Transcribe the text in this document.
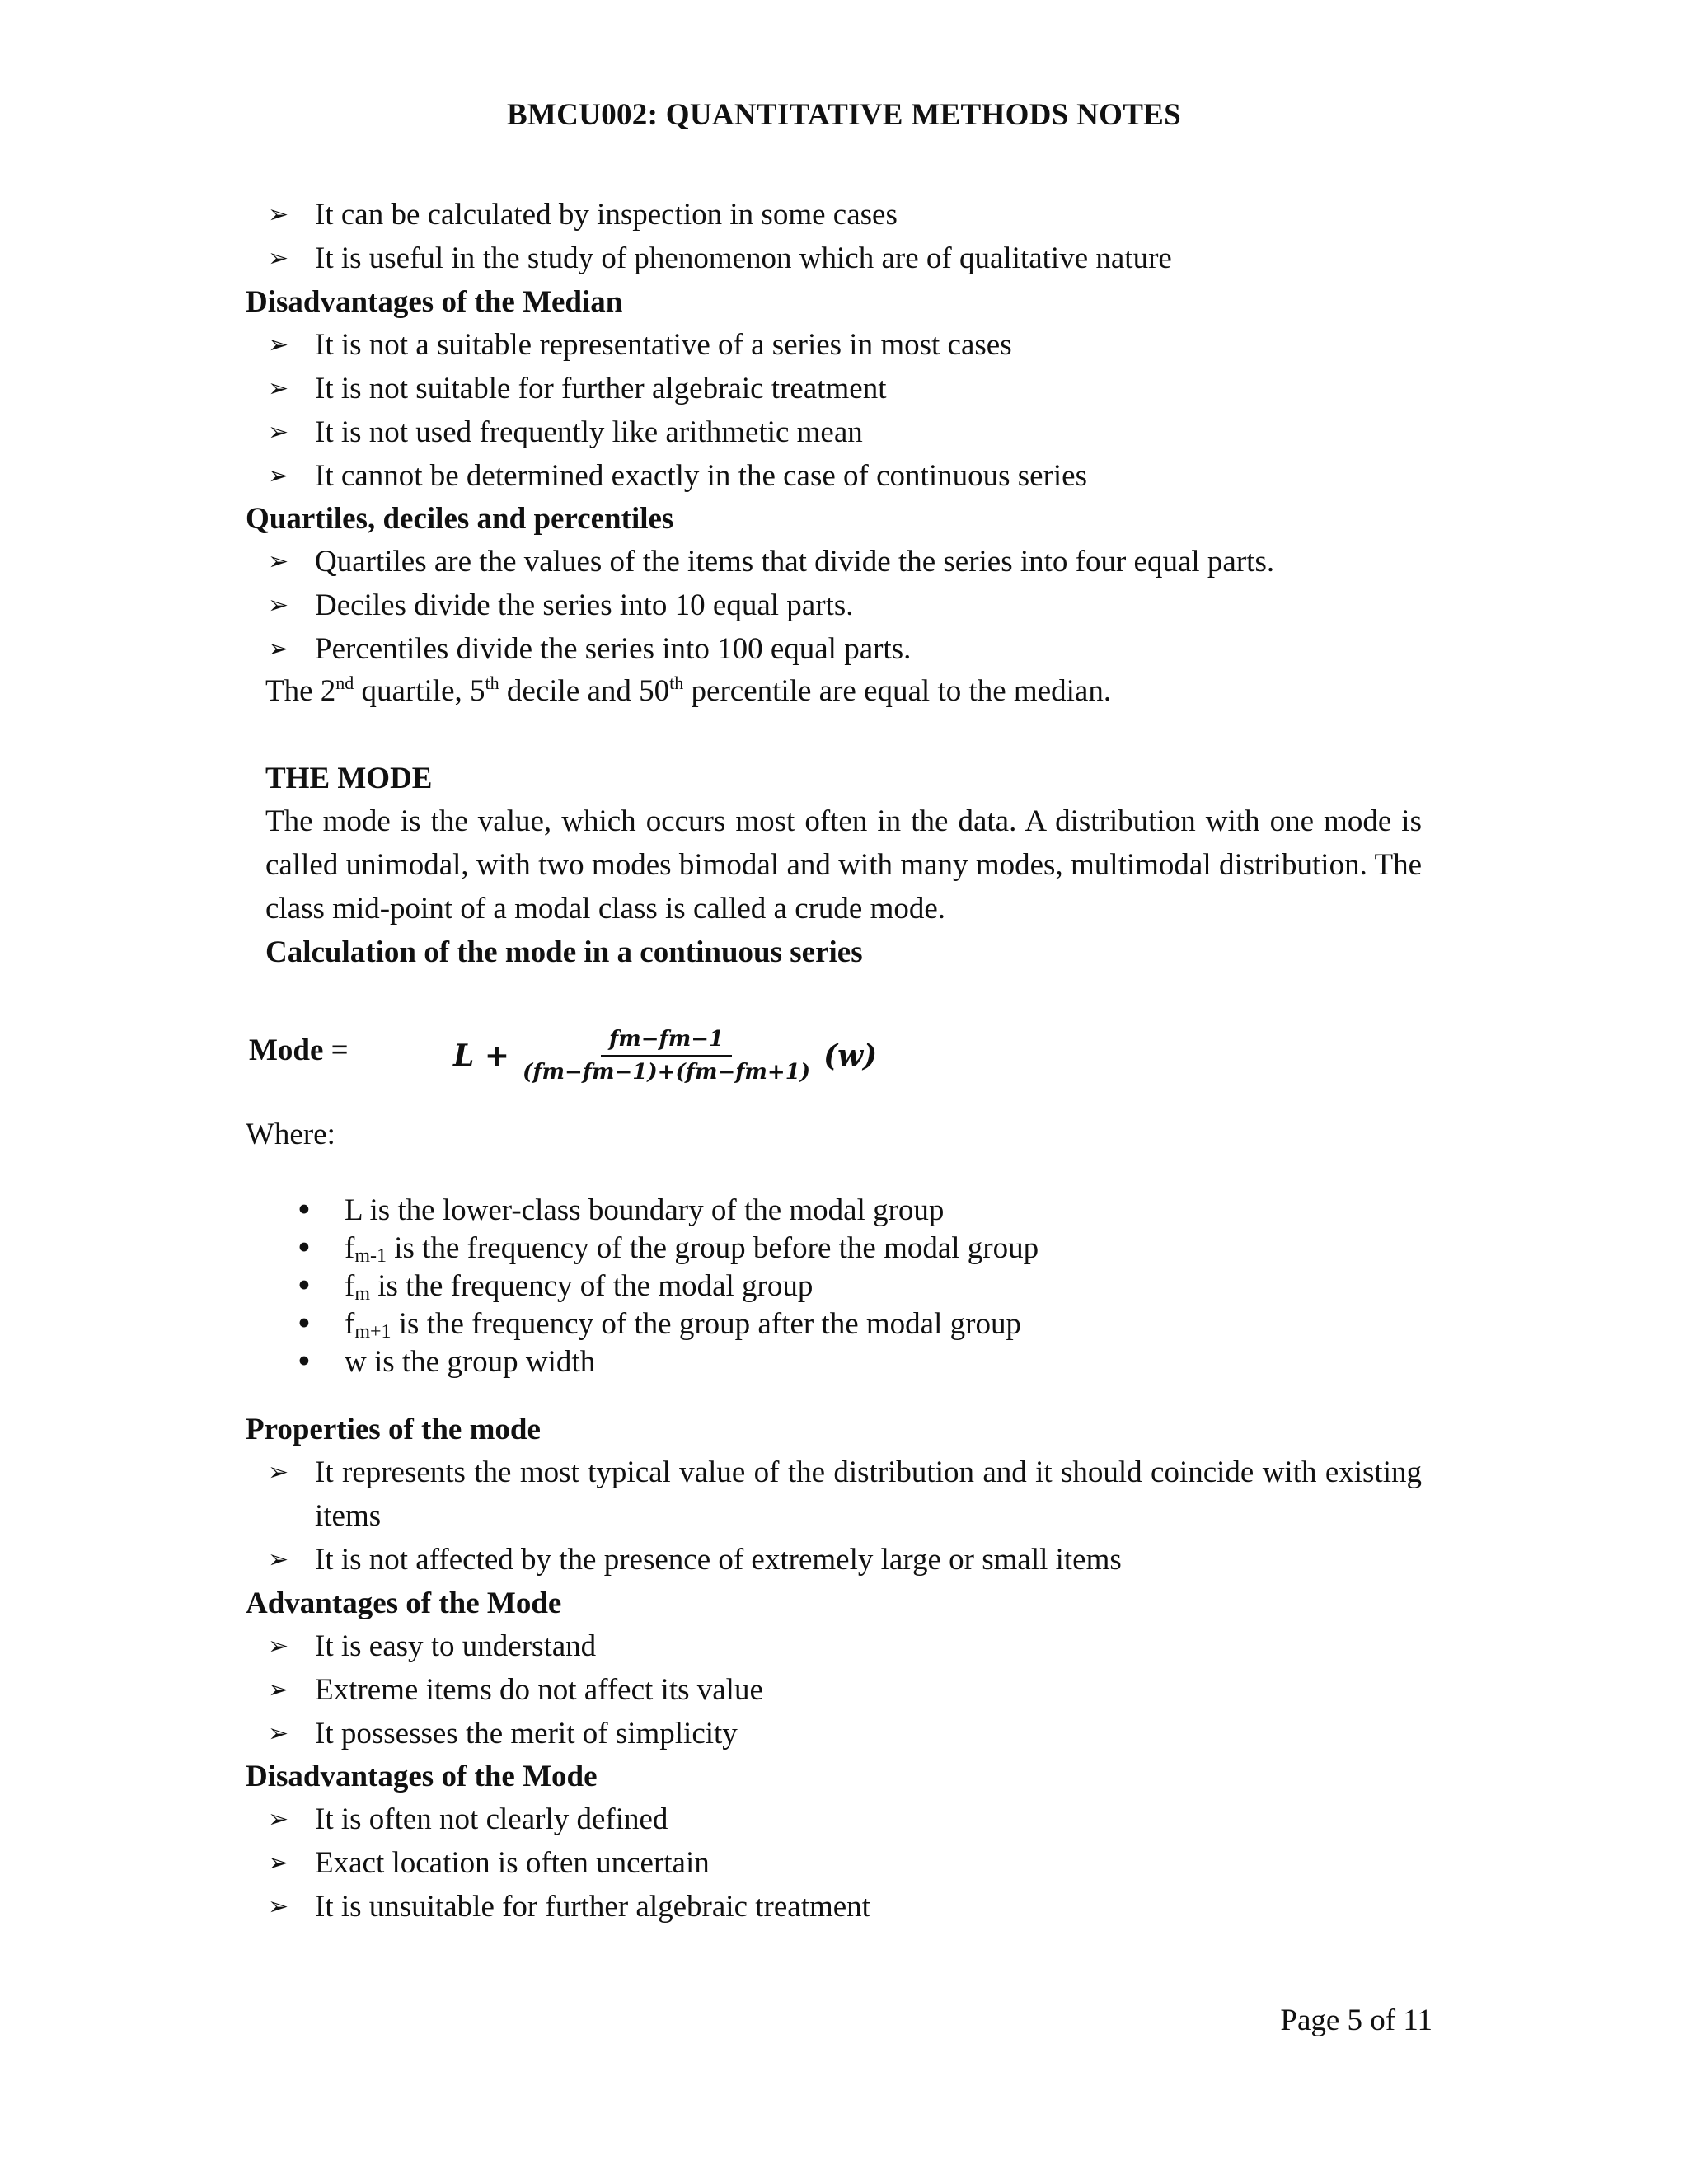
BMCU002: QUANTITATIVE METHODS NOTES
➢ It can be calculated by inspection in some cases
➢ It is useful in the study of phenomenon which are of qualitative nature
Disadvantages of the Median
➢ It is not a suitable representative of a series in most cases
➢ It is not suitable for further algebraic treatment
➢ It is not used frequently like arithmetic mean
➢ It cannot be determined exactly in the case of continuous series
Quartiles, deciles and percentiles
➢ Quartiles are the values of the items that divide the series into four equal parts.
➢ Deciles divide the series into 10 equal parts.
➢ Percentiles divide the series into 100 equal parts.
The 2nd quartile, 5th decile and 50th percentile are equal to the median.
THE MODE
The mode is the value, which occurs most often in the data. A distribution with one mode is called unimodal, with two modes bimodal and with many modes, multimodal distribution. The class mid-point of a modal class is called a crude mode.
Calculation of the mode in a continuous series
Mode =	$L + \frac{fm-fm-1}{(fm-fm-1)+(fm-fm+1)} (w)$
Where:
• L is the lower-class boundary of the modal group
• $f_{m-1}$ is the frequency of the group before the modal group
• $f_m$ is the frequency of the modal group
• $f_{m+1}$ is the frequency of the group after the modal group
• w is the group width
Properties of the mode
➢ It represents the most typical value of the distribution and it should coincide with existing items
➢ It is not affected by the presence of extremely large or small items
Advantages of the Mode
➢ It is easy to understand
➢ Extreme items do not affect its value
➢ It possesses the merit of simplicity
Disadvantages of the Mode
➢ It is often not clearly defined
➢ Exact location is often uncertain
➢ It is unsuitable for further algebraic treatment
Page 5 of 11
